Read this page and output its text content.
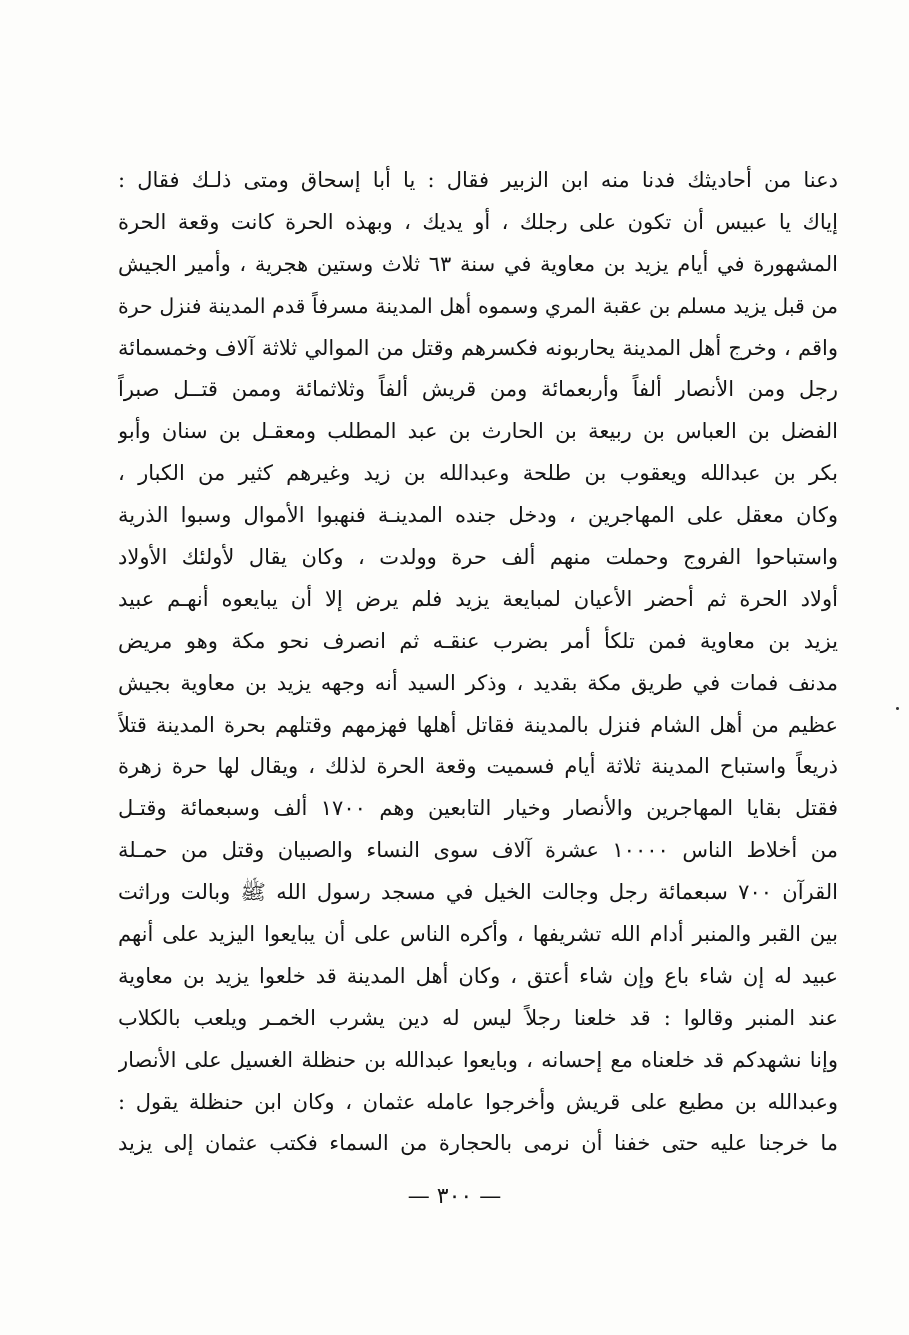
دعنا من أحاديثك فدنا منه ابن الزبير فقال : يا أبا إسحاق ومتى ذلـك فقال :
إياك يا عبيس أن تكون على رجلك ، أو يديك ، وبهذه الحرة كانت وقعة الحرة
المشهورة في أيام يزيد بن معاوية في سنة ٦٣ ثلاث وستين هجرية ، وأمير الجيش
من قبل يزيد مسلم بن عقبة المري وسموه أهل المدينة مسرفاً قدم المدينة فنزل حرة
واقم ، وخرج أهل المدينة يحاربونه فكسرهم وقتل من الموالي ثلاثة آلاف وخمسمائة
رجل ومن الأنصار ألفاً وأربعمائة ومن قريش ألفاً وثلاثمائة وممن قتــل صبراً
الفضل بن العباس بن ربيعة بن الحارث بن عبد المطلب ومعقـل بن سنان وأبو
بكر بن عبدالله ويعقوب بن طلحة وعبدالله بن زيد وغيرهم كثير من الكبار ،
وكان معقل على المهاجرين ، ودخل جنده المدينـة فنهبوا الأموال وسبوا الذرية
واستباحوا الفروج وحملت منهم ألف حرة وولدت ، وكان يقال لأولئك الأولاد
أولاد الحرة ثم أحضر الأعيان لمبايعة يزيد فلم يرض إلا أن يبايعوه أنهـم عبيد
يزيد بن معاوية فمن تلكأ أمر بضرب عنقـه ثم انصرف نحو مكة وهو مريض
مدنف فمات في طريق مكة بقديد ، وذكر السيد أنه وجهه يزيد بن معاوية بجيش
عظيم من أهل الشام فنزل بالمدينة فقاتل أهلها فهزمهم وقتلهم بحرة المدينة قتلاً
ذريعاً واستباح المدينة ثلاثة أيام فسميت وقعة الحرة لذلك ، ويقال لها حرة زهرة
فقتل بقايا المهاجرين والأنصار وخيار التابعين وهم ١٧٠٠ ألف وسبعمائة وقتـل
من أخلاط الناس ١٠٠٠٠ عشرة آلاف سوى النساء والصبيان وقتل من حمـلة
القرآن ٧٠٠ سبعمائة رجل وجالت الخيل في مسجد رسول الله ﷺ وبالت وراثت
بين القبر والمنبر أدام الله تشريفها ، وأكره الناس على أن يبايعوا اليزيد على أنهم
عبيد له إن شاء باع وإن شاء أعتق ، وكان أهل المدينة قد خلعوا يزيد بن معاوية
عند المنبر وقالوا : قد خلعنا رجلاً ليس له دين يشرب الخمـر ويلعب بالكلاب
وإنا نشهدكم قد خلعناه مع إحسانه ، وبايعوا عبدالله بن حنظلة الغسيل على الأنصار
وعبدالله بن مطيع على قريش وأخرجوا عامله عثمان ، وكان ابن حنظلة يقول :
ما خرجنا عليه حتى خفنا أن نرمى بالحجارة من السماء فكتب عثمان إلى يزيد
— ٣٠٠ —
